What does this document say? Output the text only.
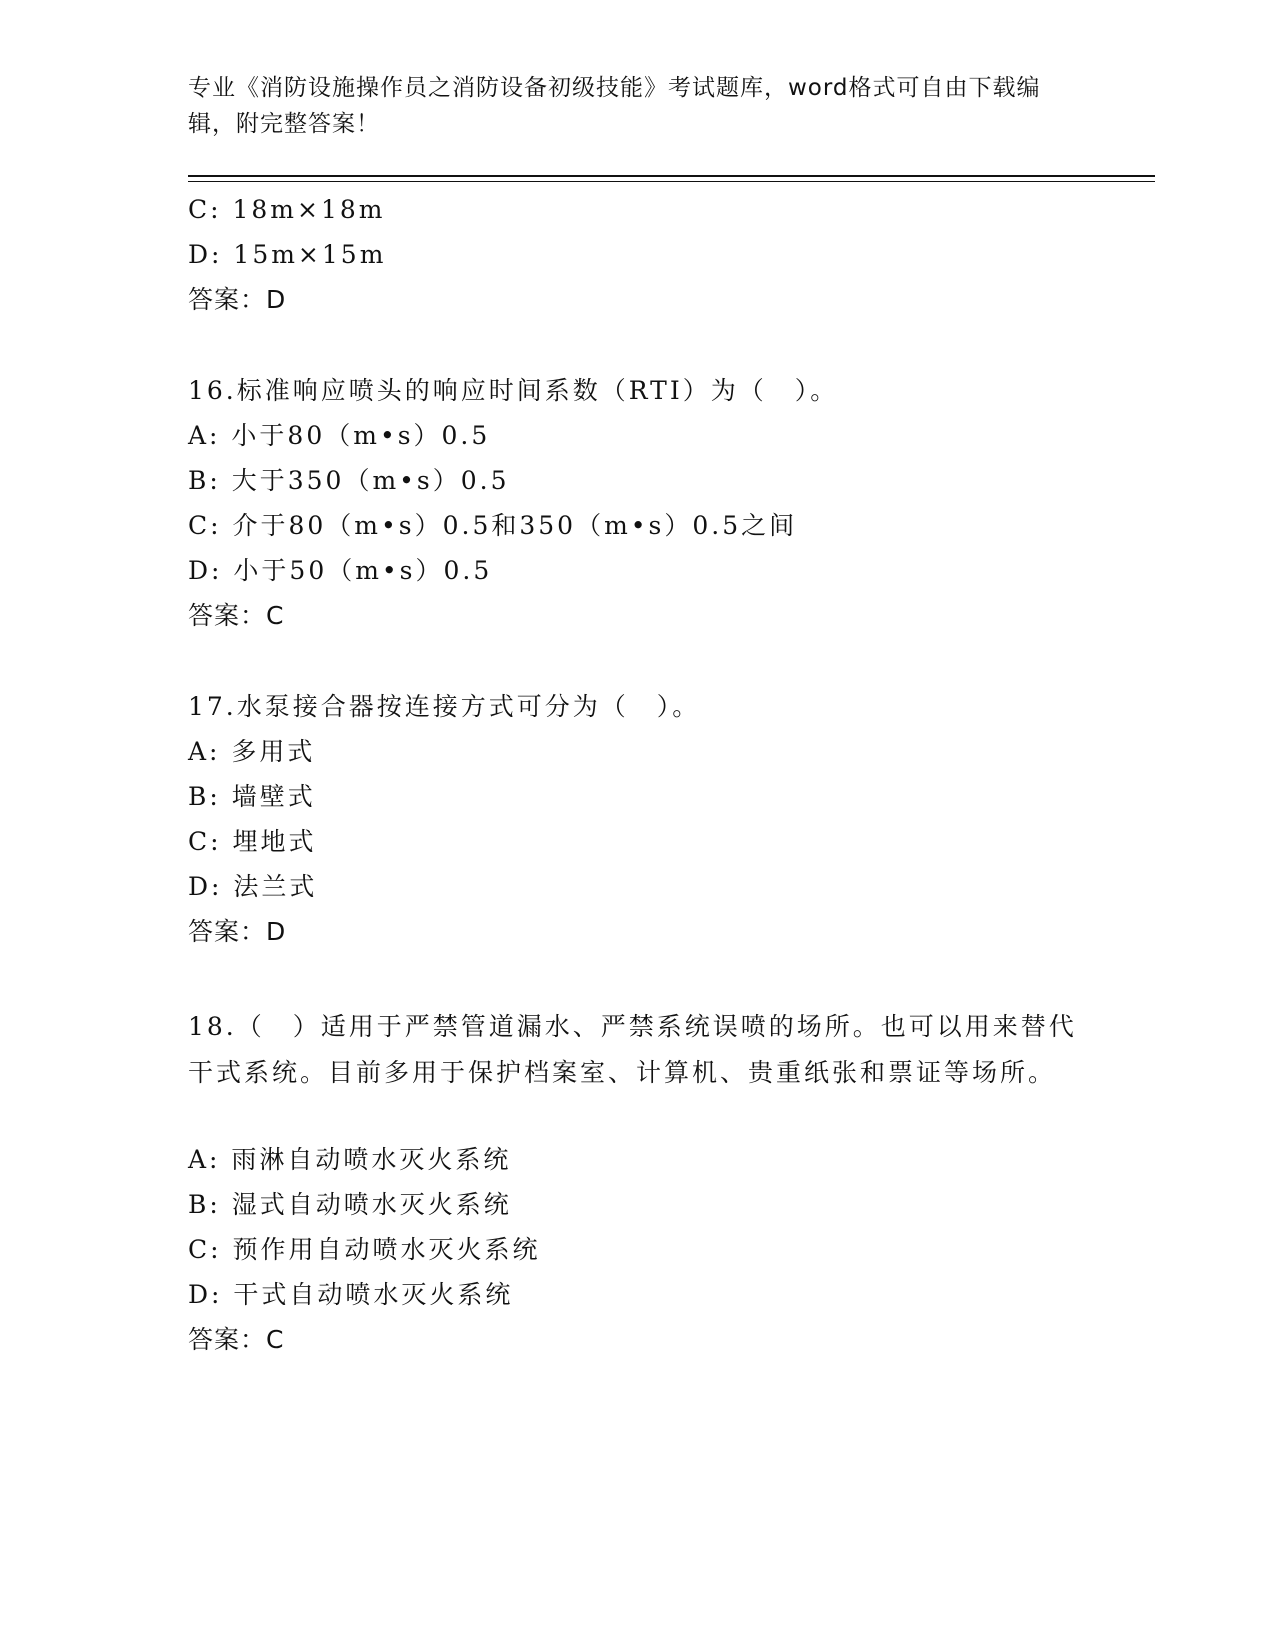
专业《消防设施操作员之消防设备初级技能》考试题库，word格式可自由下载编
辑，附完整答案！
C: 18m×18m
D: 15m×15m
答案：D
16.标准响应喷头的响应时间系数（RTI）为（　）。
A: 小于80（m•s）0.5
B: 大于350（m•s）0.5
C: 介于80（m•s）0.5和350（m•s）0.5之间
D: 小于50（m•s）0.5
答案：C
17.水泵接合器按连接方式可分为（　）。
A: 多用式
B: 墙壁式
C: 埋地式
D: 法兰式
答案：D
18.（　）适用于严禁管道漏水、严禁系统误喷的场所。也可以用来替代干式系统。目前多用于保护档案室、计算机、贵重纸张和票证等场所。
A: 雨淋自动喷水灭火系统
B: 湿式自动喷水灭火系统
C: 预作用自动喷水灭火系统
D: 干式自动喷水灭火系统
答案：C
